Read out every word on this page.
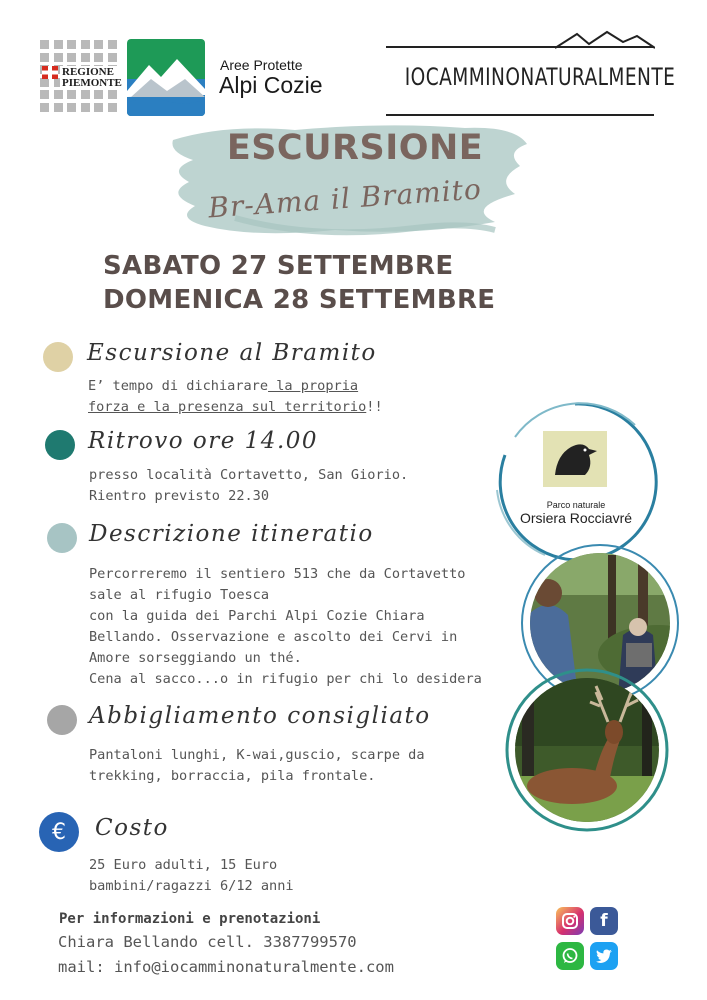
REGIONE
PIEMONTE
Aree Protette
Alpi Cozie	IOCAMMINONATURALMENTE
ESCURSIONE
Br-Ama il Bramito
SABATO 27 SETTEMBRE
DOMENICA 28 SETTEMBRE
Escursione al Bramito
E’ tempo di dichiarare la propria
forza e la presenza sul territorio!!
Ritrovo ore 14.00
presso località Cortavetto, San Giorio.
Rientro previsto 22.30
Descrizione itineratio
Percorreremo il sentiero 513 che da Cortavetto
sale al rifugio Toesca
con la guida dei Parchi Alpi Cozie Chiara
Bellando. Osservazione e ascolto dei Cervi in
Amore sorseggiando un thé.
Cena al sacco...o in rifugio per chi lo desidera
Abbigliamento consigliato
Pantaloni lunghi, K-wai,guscio, scarpe da
trekking, borraccia, pila frontale.
€	Costo
25 Euro adulti, 15 Euro
bambini/ragazzi 6/12 anni
Parco naturale
Orsiera Rocciavré
Per informazioni e prenotazioni
Chiara Bellando cell. 3387799570
mail: info@iocamminonaturalmente.com
f
